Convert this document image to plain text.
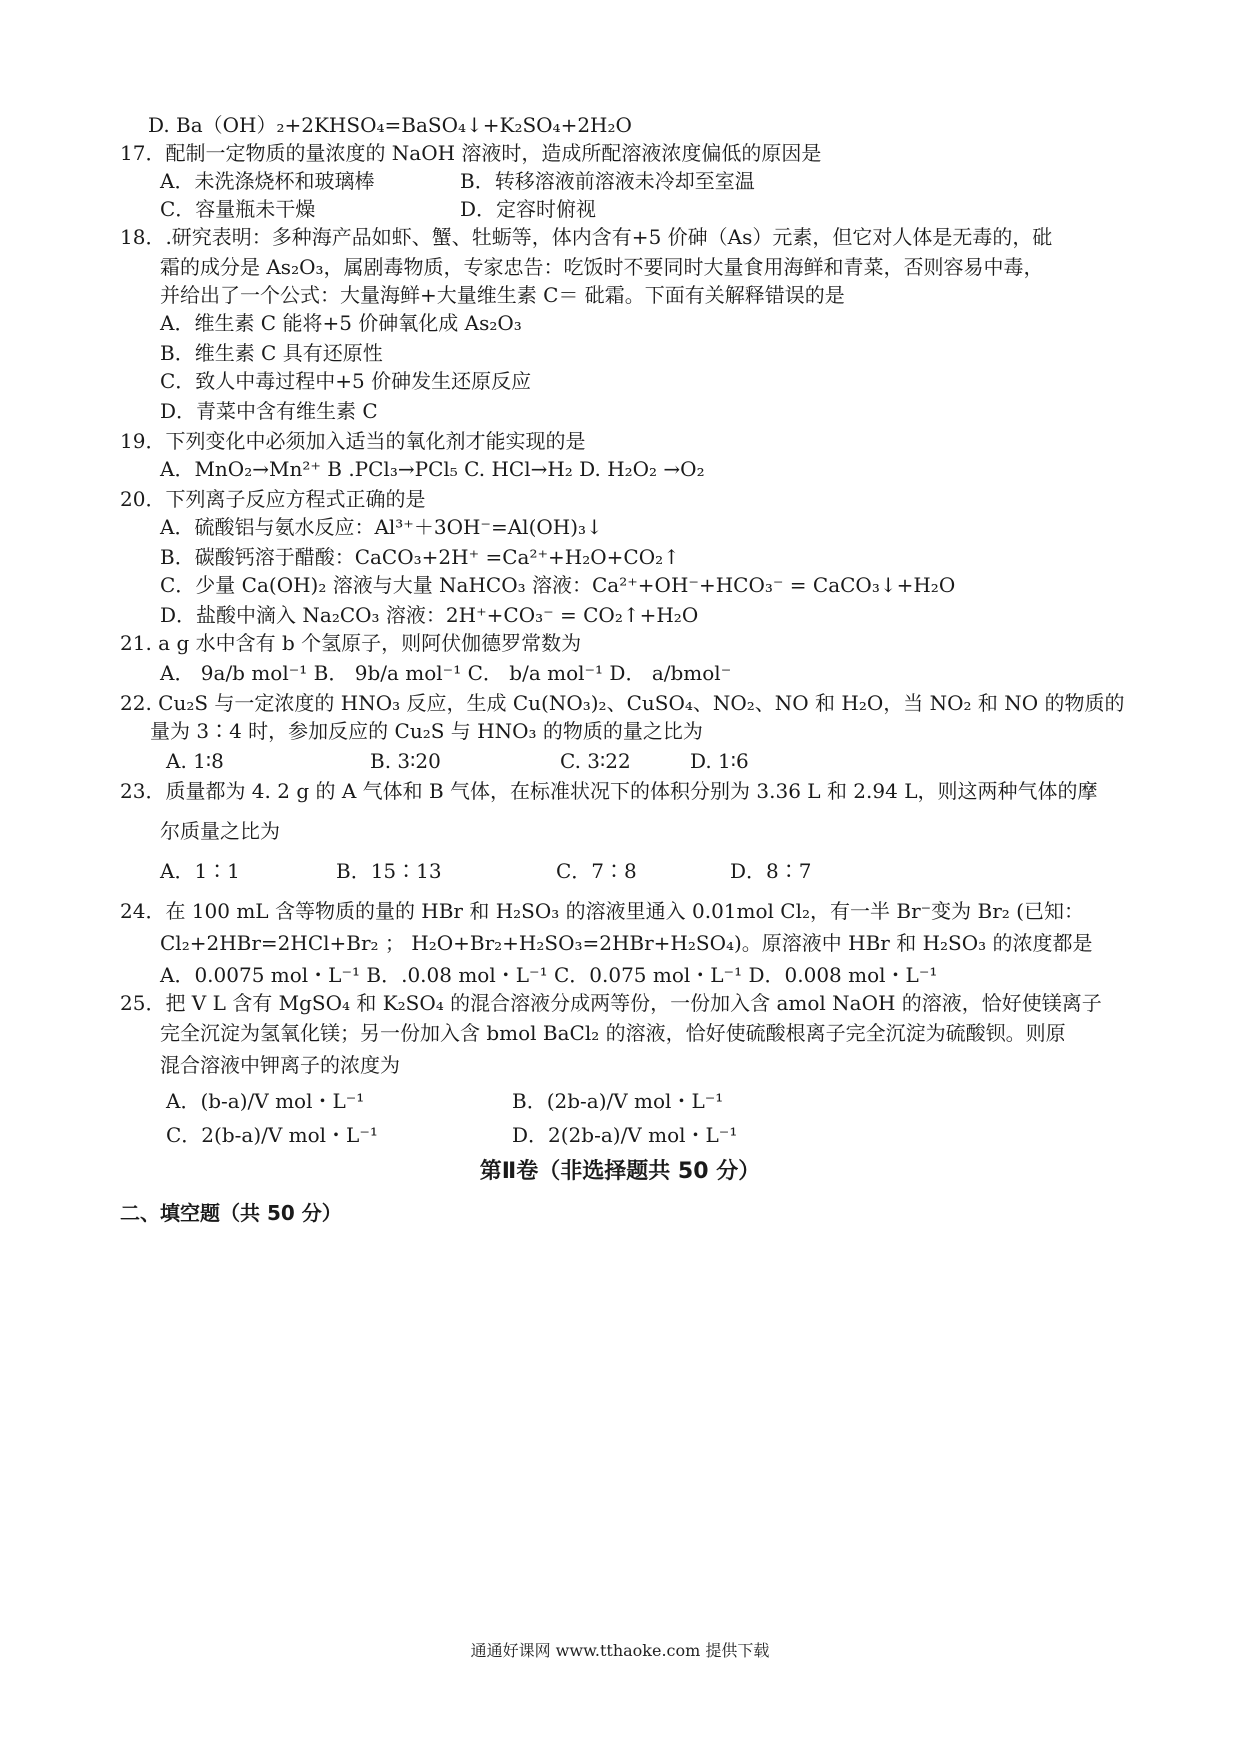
D. Ba（OH）₂+2KHSO₄=BaSO₄↓+K₂SO₄+2H₂O
17．配制一定物质的量浓度的 NaOH 溶液时，造成所配溶液浓度偏低的原因是
A．未洗涤烧杯和玻璃棒	B．转移溶液前溶液未冷却至室温
C．容量瓶未干燥	D．定容时俯视
18．.研究表明：多种海产品如虾、蟹、牡蛎等，体内含有+5 价砷（As）元素，但它对人体是无毒的，砒
霜的成分是 As₂O₃，属剧毒物质，专家忠告：吃饭时不要同时大量食用海鲜和青菜，否则容易中毒，
并给出了一个公式：大量海鲜+大量维生素 C＝ 砒霜。下面有关解释错误的是
A．维生素 C 能将+5 价砷氧化成 As₂O₃
B．维生素 C 具有还原性
C．致人中毒过程中+5 价砷发生还原反应
D．青菜中含有维生素 C
19．下列变化中必须加入适当的氧化剂才能实现的是
A．MnO₂→Mn²⁺ B .PCl₃→PCl₅ C. HCl→H₂ D. H₂O₂ →O₂
20．下列离子反应方程式正确的是
A．硫酸铝与氨水反应：Al³⁺＋3OH⁻=Al(OH)₃↓
B．碳酸钙溶于醋酸：CaCO₃+2H⁺ =Ca²⁺+H₂O+CO₂↑
C．少量 Ca(OH)₂ 溶液与大量 NaHCO₃ 溶液：Ca²⁺+OH⁻+HCO₃⁻ = CaCO₃↓+H₂O
D．盐酸中滴入 Na₂CO₃ 溶液：2H⁺+CO₃⁻ = CO₂↑+H₂O
21. a g 水中含有 b 个氢原子，则阿伏伽德罗常数为
A． 9a/b mol⁻¹ B． 9b/a mol⁻¹ C． b/a mol⁻¹ D． a/bmol⁻
22. Cu₂S 与一定浓度的 HNO₃ 反应，生成 Cu(NO₃)₂、CuSO₄、NO₂、NO 和 H₂O，当 NO₂ 和 NO 的物质的
量为 3∶4 时，参加反应的 Cu₂S 与 HNO₃ 的物质的量之比为
A. 1∶8	B. 3∶20	C. 3∶22	D. 1∶6
23．质量都为 4. 2 g 的 A 气体和 B 气体，在标准状况下的体积分别为 3.36 L 和 2.94 L，则这两种气体的摩
尔质量之比为
A．1∶1	B．15∶13	C．7∶8	D．8∶7
24．在 100 mL 含等物质的量的 HBr 和 H₂SO₃ 的溶液里通入 0.01mol Cl₂，有一半 Br⁻变为 Br₂ (已知：
Cl₂+2HBr=2HCl+Br₂ ； H₂O+Br₂+H₂SO₃=2HBr+H₂SO₄)。原溶液中 HBr 和 H₂SO₃ 的浓度都是
A．0.0075 mol・L⁻¹ B．.0.08 mol・L⁻¹ C．0.075 mol・L⁻¹ D．0.008 mol・L⁻¹
25．把 V L 含有 MgSO₄ 和 K₂SO₄ 的混合溶液分成两等份，一份加入含 amol NaOH 的溶液，恰好使镁离子
完全沉淀为氢氧化镁；另一份加入含 bmol BaCl₂ 的溶液，恰好使硫酸根离子完全沉淀为硫酸钡。则原
混合溶液中钾离子的浓度为
A．(b-a)/V mol・L⁻¹	B．(2b-a)/V mol・L⁻¹
C．2(b-a)/V mol・L⁻¹	D．2(2b-a)/V mol・L⁻¹
第Ⅱ卷（非选择题共 50 分）
二、填空题（共 50 分）
通通好课网 www.tthaoke.com 提供下载
